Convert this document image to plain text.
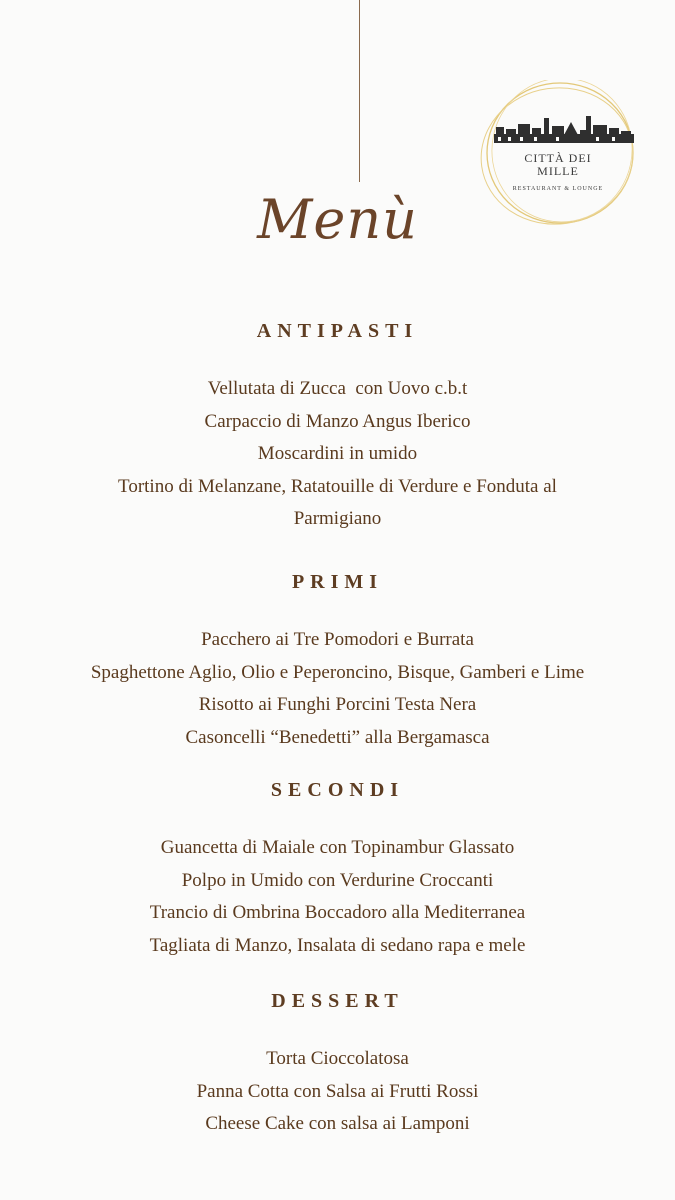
CITTÀ DEI
MILLE
RESTAURANT & LOUNGE
Menù
ANTIPASTI
Vellutata di Zucca  con Uovo c.b.t
Carpaccio di Manzo Angus Iberico
Moscardini in umido
Tortino di Melanzane, Ratatouille di Verdure e Fonduta al
Parmigiano
PRIMI
Pacchero ai Tre Pomodori e Burrata
Spaghettone Aglio, Olio e Peperoncino, Bisque, Gamberi e Lime
Risotto ai Funghi Porcini Testa Nera
Casoncelli “Benedetti” alla Bergamasca
SECONDI
Guancetta di Maiale con Topinambur Glassato
Polpo in Umido con Verdurine Croccanti
Trancio di Ombrina Boccadoro alla Mediterranea
Tagliata di Manzo, Insalata di sedano rapa e mele
DESSERT
Torta Cioccolatosa
Panna Cotta con Salsa ai Frutti Rossi
Cheese Cake con salsa ai Lamponi
